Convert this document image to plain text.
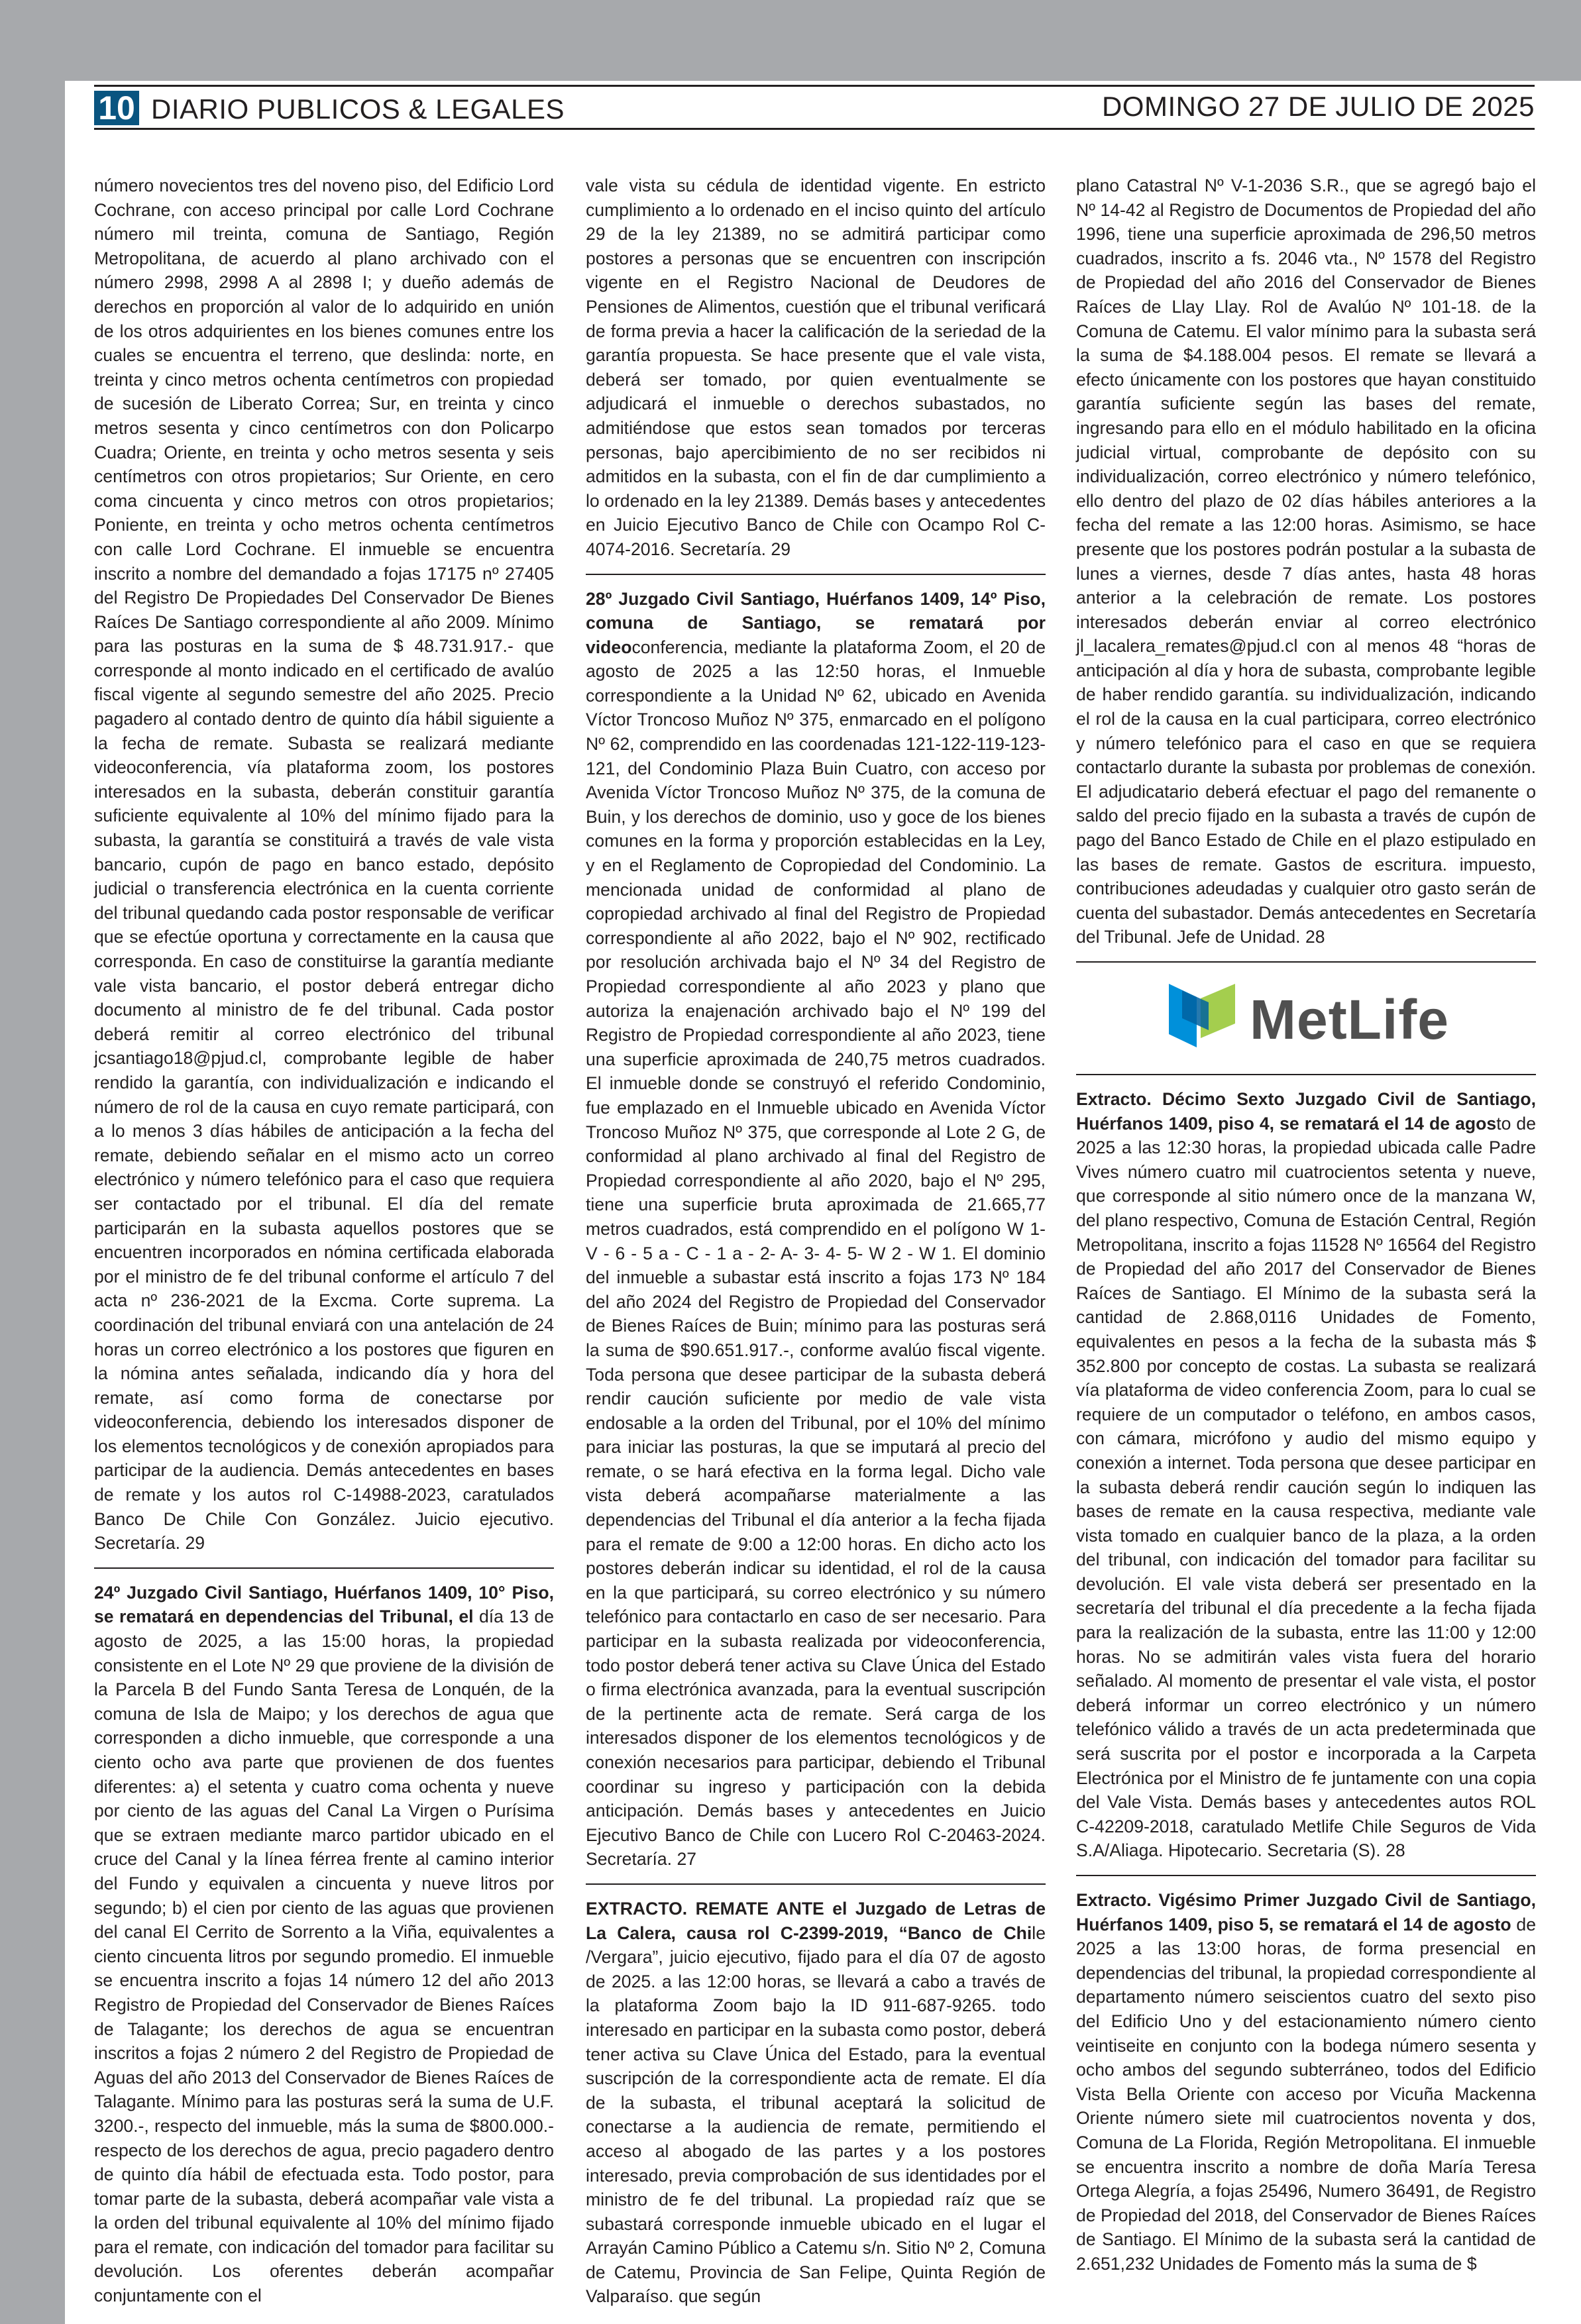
10 DIARIO PUBLICOS & LEGALES	DOMINGO 27 DE JULIO DE 2025

número novecientos tres del noveno piso, del Edificio Lord Cochrane, con acceso principal por calle Lord Cochrane número mil treinta, comuna de Santiago, Región Metropolitana, de acuerdo al plano archivado con el número 2998, 2998 A al 2898 I; y dueño además de derechos en proporción al valor de lo adquirido en unión de los otros adquirientes en los bienes comunes entre los cuales se encuentra el terreno, que deslinda: norte, en treinta y cinco metros ochenta centímetros con propiedad de sucesión de Liberato Correa; Sur, en treinta y cinco metros sesenta y cinco centímetros con don Policarpo Cuadra; Oriente, en treinta y ocho metros sesenta y seis centímetros con otros propietarios; Sur Oriente, en cero coma cincuenta y cinco metros con otros propietarios; Poniente, en treinta y ocho metros ochenta centímetros con calle Lord Cochrane. El inmueble se encuentra inscrito a nombre del demandado a fojas 17175 nº 27405 del Registro De Propiedades Del Conservador De Bienes Raíces De Santiago correspondiente al año 2009. Mínimo para las posturas en la suma de $ 48.731.917.- que corresponde al monto indicado en el certificado de avalúo fiscal vigente al segundo semestre del año 2025. Precio pagadero al contado dentro de quinto día hábil siguiente a la fecha de remate. Subasta se realizará mediante videoconferencia, vía plataforma zoom, los postores interesados en la subasta, deberán constituir garantía suficiente equivalente al 10% del mínimo fijado para la subasta, la garantía se constituirá a través de vale vista bancario, cupón de pago en banco estado, depósito judicial o transferencia electrónica en la cuenta corriente del tribunal quedando cada postor responsable de verificar que se efectúe oportuna y correctamente en la causa que corresponda. En caso de constituirse la garantía mediante vale vista bancario, el postor deberá entregar dicho documento al ministro de fe del tribunal. Cada postor deberá remitir al correo electrónico del tribunal jcsantiago18@pjud.cl, comprobante legible de haber rendido la garantía, con individualización e indicando el número de rol de la causa en cuyo remate participará, con a lo menos 3 días hábiles de anticipación a la fecha del remate, debiendo señalar en el mismo acto un correo electrónico y número telefónico para el caso que requiera ser contactado por el tribunal. El día del remate participarán en la subasta aquellos postores que se encuentren incorporados en nómina certificada elaborada por el ministro de fe del tribunal conforme el artículo 7 del acta nº 236-2021 de la Excma. Corte suprema. La coordinación del tribunal enviará con una antelación de 24 horas un correo electrónico a los postores que figuren en la nómina antes señalada, indicando día y hora del remate, así como forma de conectarse por videoconferencia, debiendo los interesados disponer de los elementos tecnológicos y de conexión apropiados para participar de la audiencia. Demás antecedentes en bases de remate y los autos rol C-14988-2023, caratulados Banco De Chile Con González. Juicio ejecutivo. Secretaría. 29

24º Juzgado Civil Santiago, Huérfanos 1409, 10° Piso, se rematará en dependencias del Tribunal, el día 13 de agosto de 2025, a las 15:00 horas, la propiedad consistente en el Lote Nº 29 que proviene de la división de la Parcela B del Fundo Santa Teresa de Lonquén, de la comuna de Isla de Maipo; y los derechos de agua que corresponden a dicho inmueble, que corresponde a una ciento ocho ava parte que provienen de dos fuentes diferentes: a) el setenta y cuatro coma ochenta y nueve por ciento de las aguas del Canal La Virgen o Purísima que se extraen mediante marco partidor ubicado en el cruce del Canal y la línea férrea frente al camino interior del Fundo y equivalen a cincuenta y nueve litros por segundo; b) el cien por ciento de las aguas que provienen del canal El Cerrito de Sorrento a la Viña, equivalentes a ciento cincuenta litros por segundo promedio. El inmueble se encuentra inscrito a fojas 14 número 12 del año 2013 Registro de Propiedad del Conservador de Bienes Raíces de Talagante; los derechos de agua se encuentran inscritos a fojas 2 número 2 del Registro de Propiedad de Aguas del año 2013 del Conservador de Bienes Raíces de Talagante. Mínimo para las posturas será la suma de U.F. 3200.-, respecto del inmueble, más la suma de $800.000.- respecto de los derechos de agua, precio pagadero dentro de quinto día hábil de efectuada esta. Todo postor, para tomar parte de la subasta, deberá acompañar vale vista a la orden del tribunal equivalente al 10% del mínimo fijado para el remate, con indicación del tomador para facilitar su devolución. Los oferentes deberán acompañar conjuntamente con el

vale vista su cédula de identidad vigente. En estricto cumplimiento a lo ordenado en el inciso quinto del artículo 29 de la ley 21389, no se admitirá participar como postores a personas que se encuentren con inscripción vigente en el Registro Nacional de Deudores de Pensiones de Alimentos, cuestión que el tribunal verificará de forma previa a hacer la calificación de la seriedad de la garantía propuesta. Se hace presente que el vale vista, deberá ser tomado, por quien eventualmente se adjudicará el inmueble o derechos subastados, no admitiéndose que estos sean tomados por terceras personas, bajo apercibimiento de no ser recibidos ni admitidos en la subasta, con el fin de dar cumplimiento a lo ordenado en la ley 21389. Demás bases y antecedentes en Juicio Ejecutivo Banco de Chile con Ocampo Rol C-4074-2016. Secretaría. 29

28º Juzgado Civil Santiago, Huérfanos 1409, 14º Piso, comuna de Santiago, se rematará por videoconferencia, mediante la plataforma Zoom, el 20 de agosto de 2025 a las 12:50 horas, el Inmueble correspondiente a la Unidad Nº 62, ubicado en Avenida Víctor Troncoso Muñoz Nº 375, enmarcado en el polígono Nº 62, comprendido en las coordenadas 121-122-119-123-121, del Condominio Plaza Buin Cuatro, con acceso por Avenida Víctor Troncoso Muñoz Nº 375, de la comuna de Buin, y los derechos de dominio, uso y goce de los bienes comunes en la forma y proporción establecidas en la Ley, y en el Reglamento de Copropiedad del Condominio. La mencionada unidad de conformidad al plano de copropiedad archivado al final del Registro de Propiedad correspondiente al año 2022, bajo el Nº 902, rectificado por resolución archivada bajo el Nº 34 del Registro de Propiedad correspondiente al año 2023 y plano que autoriza la enajenación archivado bajo el Nº 199 del Registro de Propiedad correspondiente al año 2023, tiene una superficie aproximada de 240,75 metros cuadrados. El inmueble donde se construyó el referido Condominio, fue emplazado en el Inmueble ubicado en Avenida Víctor Troncoso Muñoz Nº 375, que corresponde al Lote 2 G, de conformidad al plano archivado al final del Registro de Propiedad correspondiente al año 2020, bajo el Nº 295, tiene una superficie bruta aproximada de 21.665,77 metros cuadrados, está comprendido en el polígono W 1- V - 6 - 5 a - C - 1 a - 2- A- 3- 4- 5- W 2 - W 1. El dominio del inmueble a subastar está inscrito a fojas 173 Nº 184 del año 2024 del Registro de Propiedad del Conservador de Bienes Raíces de Buin; mínimo para las posturas será la suma de $90.651.917.-, conforme avalúo fiscal vigente. Toda persona que desee participar de la subasta deberá rendir caución suficiente por medio de vale vista endosable a la orden del Tribunal, por el 10% del mínimo para iniciar las posturas, la que se imputará al precio del remate, o se hará efectiva en la forma legal. Dicho vale vista deberá acompañarse materialmente a las dependencias del Tribunal el día anterior a la fecha fijada para el remate de 9:00 a 12:00 horas. En dicho acto los postores deberán indicar su identidad, el rol de la causa en la que participará, su correo electrónico y su número telefónico para contactarlo en caso de ser necesario. Para participar en la subasta realizada por videoconferencia, todo postor deberá tener activa su Clave Única del Estado o firma electrónica avanzada, para la eventual suscripción de la pertinente acta de remate. Será carga de los interesados disponer de los elementos tecnológicos y de conexión necesarios para participar, debiendo el Tribunal coordinar su ingreso y participación con la debida anticipación. Demás bases y antecedentes en Juicio Ejecutivo Banco de Chile con Lucero Rol C-20463-2024. Secretaría. 27

EXTRACTO. REMATE ANTE el Juzgado de Letras de La Calera, causa rol C-2399-2019, “Banco de Chile /Vergara”, juicio ejecutivo, fijado para el día 07 de agosto de 2025. a las 12:00 horas, se llevará a cabo a través de la plataforma Zoom bajo la ID 911-687-9265. todo interesado en participar en la subasta como postor, deberá tener activa su Clave Única del Estado, para la eventual suscripción de la correspondiente acta de remate. El día de la subasta, el tribunal aceptará la solicitud de conectarse a la audiencia de remate, permitiendo el acceso al abogado de las partes y a los postores interesado, previa comprobación de sus identidades por el ministro de fe del tribunal. La propiedad raíz que se subastará corresponde inmueble ubicado en el lugar el Arrayán Camino Público a Catemu s/n. Sitio Nº 2, Comuna de Catemu, Provincia de San Felipe, Quinta Región de Valparaíso. que según

plano Catastral Nº V-1-2036 S.R., que se agregó bajo el Nº 14-42 al Registro de Documentos de Propiedad del año 1996, tiene una superficie aproximada de 296,50 metros cuadrados, inscrito a fs. 2046 vta., Nº 1578 del Registro de Propiedad del año 2016 del Conservador de Bienes Raíces de Llay Llay. Rol de Avalúo Nº 101-18. de la Comuna de Catemu. El valor mínimo para la subasta será la suma de $4.188.004 pesos. El remate se llevará a efecto únicamente con los postores que hayan constituido garantía suficiente según las bases del remate, ingresando para ello en el módulo habilitado en la oficina judicial virtual, comprobante de depósito con su individualización, correo electrónico y número telefónico, ello dentro del plazo de 02 días hábiles anteriores a la fecha del remate a las 12:00 horas. Asimismo, se hace presente que los postores podrán postular a la subasta de lunes a viernes, desde 7 días antes, hasta 48 horas anterior a la celebración de remate. Los postores interesados deberán enviar al correo electrónico jl_lacalera_remates@pjud.cl con al menos 48 “horas de anticipación al día y hora de subasta, comprobante legible de haber rendido garantía. su individualización, indicando el rol de la causa en la cual participara, correo electrónico y número telefónico para el caso en que se requiera contactarlo durante la subasta por problemas de conexión. El adjudicatario deberá efectuar el pago del remanente o saldo del precio fijado en la subasta a través de cupón de pago del Banco Estado de Chile en el plazo estipulado en las bases de remate. Gastos de escritura. impuesto, contribuciones adeudadas y cualquier otro gasto serán de cuenta del subastador. Demás antecedentes en Secretaría del Tribunal. Jefe de Unidad. 28

MetLife

Extracto. Décimo Sexto Juzgado Civil de Santiago, Huérfanos 1409, piso 4, se rematará el 14 de agosto de 2025 a las 12:30 horas, la propiedad ubicada calle Padre Vives número cuatro mil cuatrocientos setenta y nueve, que corresponde al sitio número once de la manzana W, del plano respectivo, Comuna de Estación Central, Región Metropolitana, inscrito a fojas 11528 Nº 16564 del Registro de Propiedad del año 2017 del Conservador de Bienes Raíces de Santiago. El Mínimo de la subasta será la cantidad de 2.868,0116 Unidades de Fomento, equivalentes en pesos a la fecha de la subasta más $ 352.800 por concepto de costas. La subasta se realizará vía plataforma de video conferencia Zoom, para lo cual se requiere de un computador o teléfono, en ambos casos, con cámara, micrófono y audio del mismo equipo y conexión a internet. Toda persona que desee participar en la subasta deberá rendir caución según lo indiquen las bases de remate en la causa respectiva, mediante vale vista tomado en cualquier banco de la plaza, a la orden del tribunal, con indicación del tomador para facilitar su devolución. El vale vista deberá ser presentado en la secretaría del tribunal el día precedente a la fecha fijada para la realización de la subasta, entre las 11:00 y 12:00 horas. No se admitirán vales vista fuera del horario señalado. Al momento de presentar el vale vista, el postor deberá informar un correo electrónico y un número telefónico válido a través de un acta predeterminada que será suscrita por el postor e incorporada a la Carpeta Electrónica por el Ministro de fe juntamente con una copia del Vale Vista. Demás bases y antecedentes autos ROL C-42209-2018, caratulado Metlife Chile Seguros de Vida S.A/Aliaga. Hipotecario. Secretaria (S). 28

Extracto. Vigésimo Primer Juzgado Civil de Santiago, Huérfanos 1409, piso 5, se rematará el 14 de agosto de 2025 a las 13:00 horas, de forma presencial en dependencias del tribunal, la propiedad correspondiente al departamento número seiscientos cuatro del sexto piso del Edificio Uno y del estacionamiento número ciento veintiseite en conjunto con la bodega número sesenta y ocho ambos del segundo subterráneo, todos del Edificio Vista Bella Oriente con acceso por Vicuña Mackenna Oriente número siete mil cuatrocientos noventa y dos, Comuna de La Florida, Región Metropolitana. El inmueble se encuentra inscrito a nombre de doña María Teresa Ortega Alegría, a fojas 25496, Numero 36491, de Registro de Propiedad del 2018, del Conservador de Bienes Raíces de Santiago. El Mínimo de la subasta será la cantidad de 2.651,232 Unidades de Fomento más la suma de $
